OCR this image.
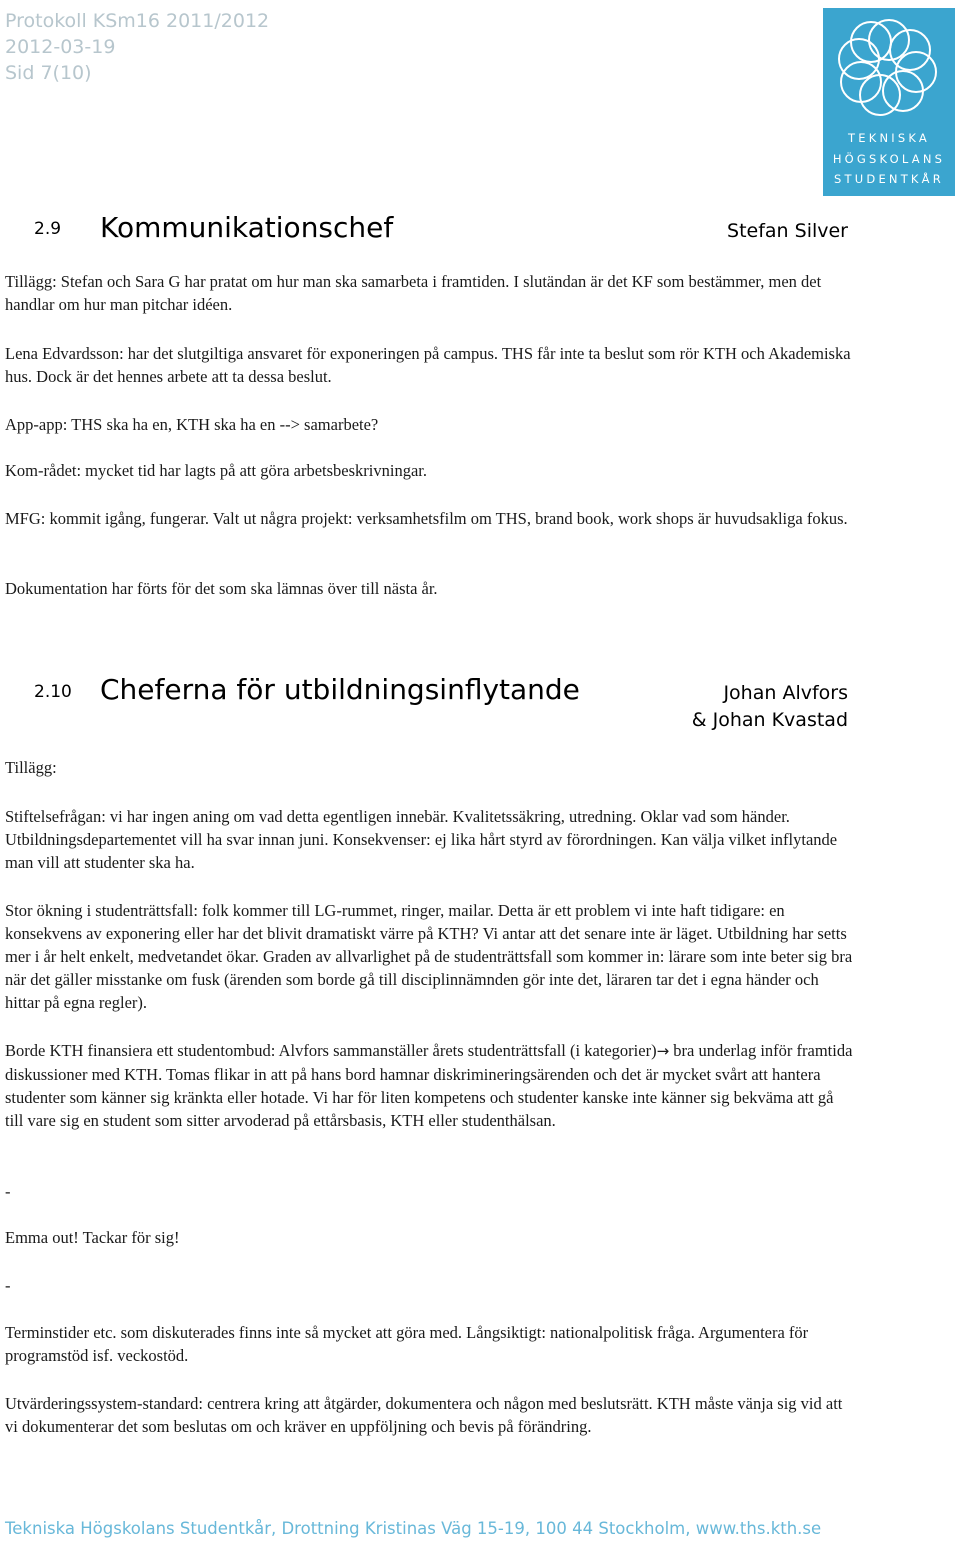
Protokoll KSm16 2011/2012
2012-03-19
Sid 7(10)
TEKNISKA
HÖGSKOLANS
STUDENTKÅR
2.9 Kommunikationschef	Stefan Silver
Tillägg: Stefan och Sara G har pratat om hur man ska samarbeta i framtiden. I slutändan är det KF som bestämmer, men det handlar om hur man pitchar idéen.
Lena Edvardsson: har det slutgiltiga ansvaret för exponeringen på campus. THS får inte ta beslut som rör KTH och Akademiska hus. Dock är det hennes arbete att ta dessa beslut.
App-app: THS ska ha en, KTH ska ha en --> samarbete?
Kom-rådet: mycket tid har lagts på att göra arbetsbeskrivningar.
MFG: kommit igång, fungerar. Valt ut några projekt: verksamhetsfilm om THS, brand book, work shops är huvudsakliga fokus.
Dokumentation har förts för det som ska lämnas över till nästa år.
2.10 Cheferna för utbildningsinflytande	Johan Alvfors
& Johan Kvastad
Tillägg:
Stiftelsefrågan: vi har ingen aning om vad detta egentligen innebär. Kvalitetssäkring, utredning. Oklar vad som händer. Utbildningsdepartementet vill ha svar innan juni. Konsekvenser: ej lika hårt styrd av förordningen. Kan välja vilket inflytande man vill att studenter ska ha.
Stor ökning i studenträttsfall: folk kommer till LG-rummet, ringer, mailar. Detta är ett problem vi inte haft tidigare: en konsekvens av exponering eller har det blivit dramatiskt värre på KTH? Vi antar att det senare inte är läget. Utbildning har setts mer i år helt enkelt, medvetandet ökar. Graden av allvarlighet på de studenträttsfall som kommer in: lärare som inte beter sig bra när det gäller misstanke om fusk (ärenden som borde gå till disciplinnämnden gör inte det, läraren tar det i egna händer och hittar på egna regler).
Borde KTH finansiera ett studentombud: Alvfors sammanställer årets studenträttsfall (i kategorier)→ bra underlag inför framtida diskussioner med KTH. Tomas flikar in att på hans bord hamnar diskrimineringsärenden och det är mycket svårt att hantera studenter som känner sig kränkta eller hotade. Vi har för liten kompetens och studenter kanske inte känner sig bekväma att gå till vare sig en student som sitter arvoderad på ettårsbasis, KTH eller studenthälsan.
-
Emma out! Tackar för sig!
-
Terminstider etc. som diskuterades finns inte så mycket att göra med. Långsiktigt: nationalpolitisk fråga. Argumentera för programstöd isf. veckostöd.
Utvärderingssystem-standard: centrera kring att åtgärder, dokumentera och någon med beslutsrätt. KTH måste vänja sig vid att vi dokumenterar det som beslutas om och kräver en uppföljning och bevis på förändring.
Tekniska Högskolans Studentkår, Drottning Kristinas Väg 15-19, 100 44 Stockholm, www.ths.kth.se
